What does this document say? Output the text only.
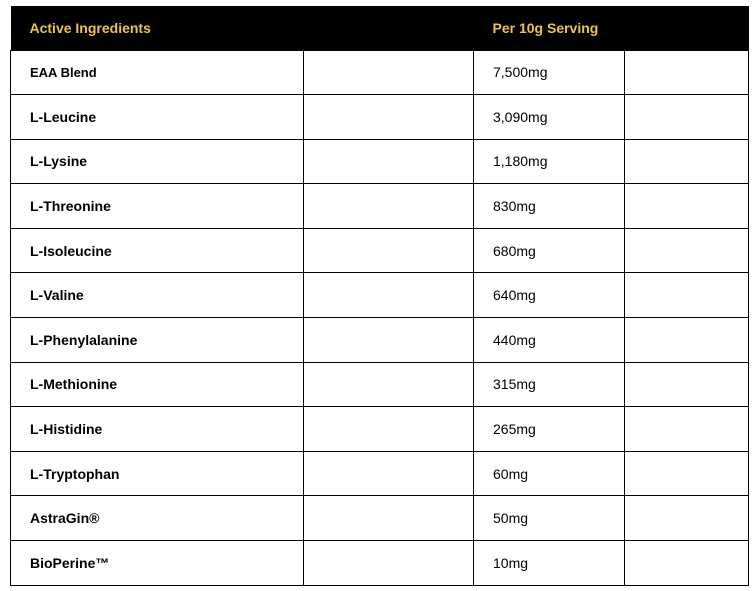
Active Ingredients		Per 10g Serving	
EAA Blend		7,500mg	
L-Leucine		3,090mg	
L-Lysine		1,180mg	
L-Threonine		830mg	
L-Isoleucine		680mg	
L-Valine		640mg	
L-Phenylalanine		440mg	
L-Methionine		315mg	
L-Histidine		265mg	
L-Tryptophan		60mg	
AstraGin®		50mg	
BioPerine™		10mg	
